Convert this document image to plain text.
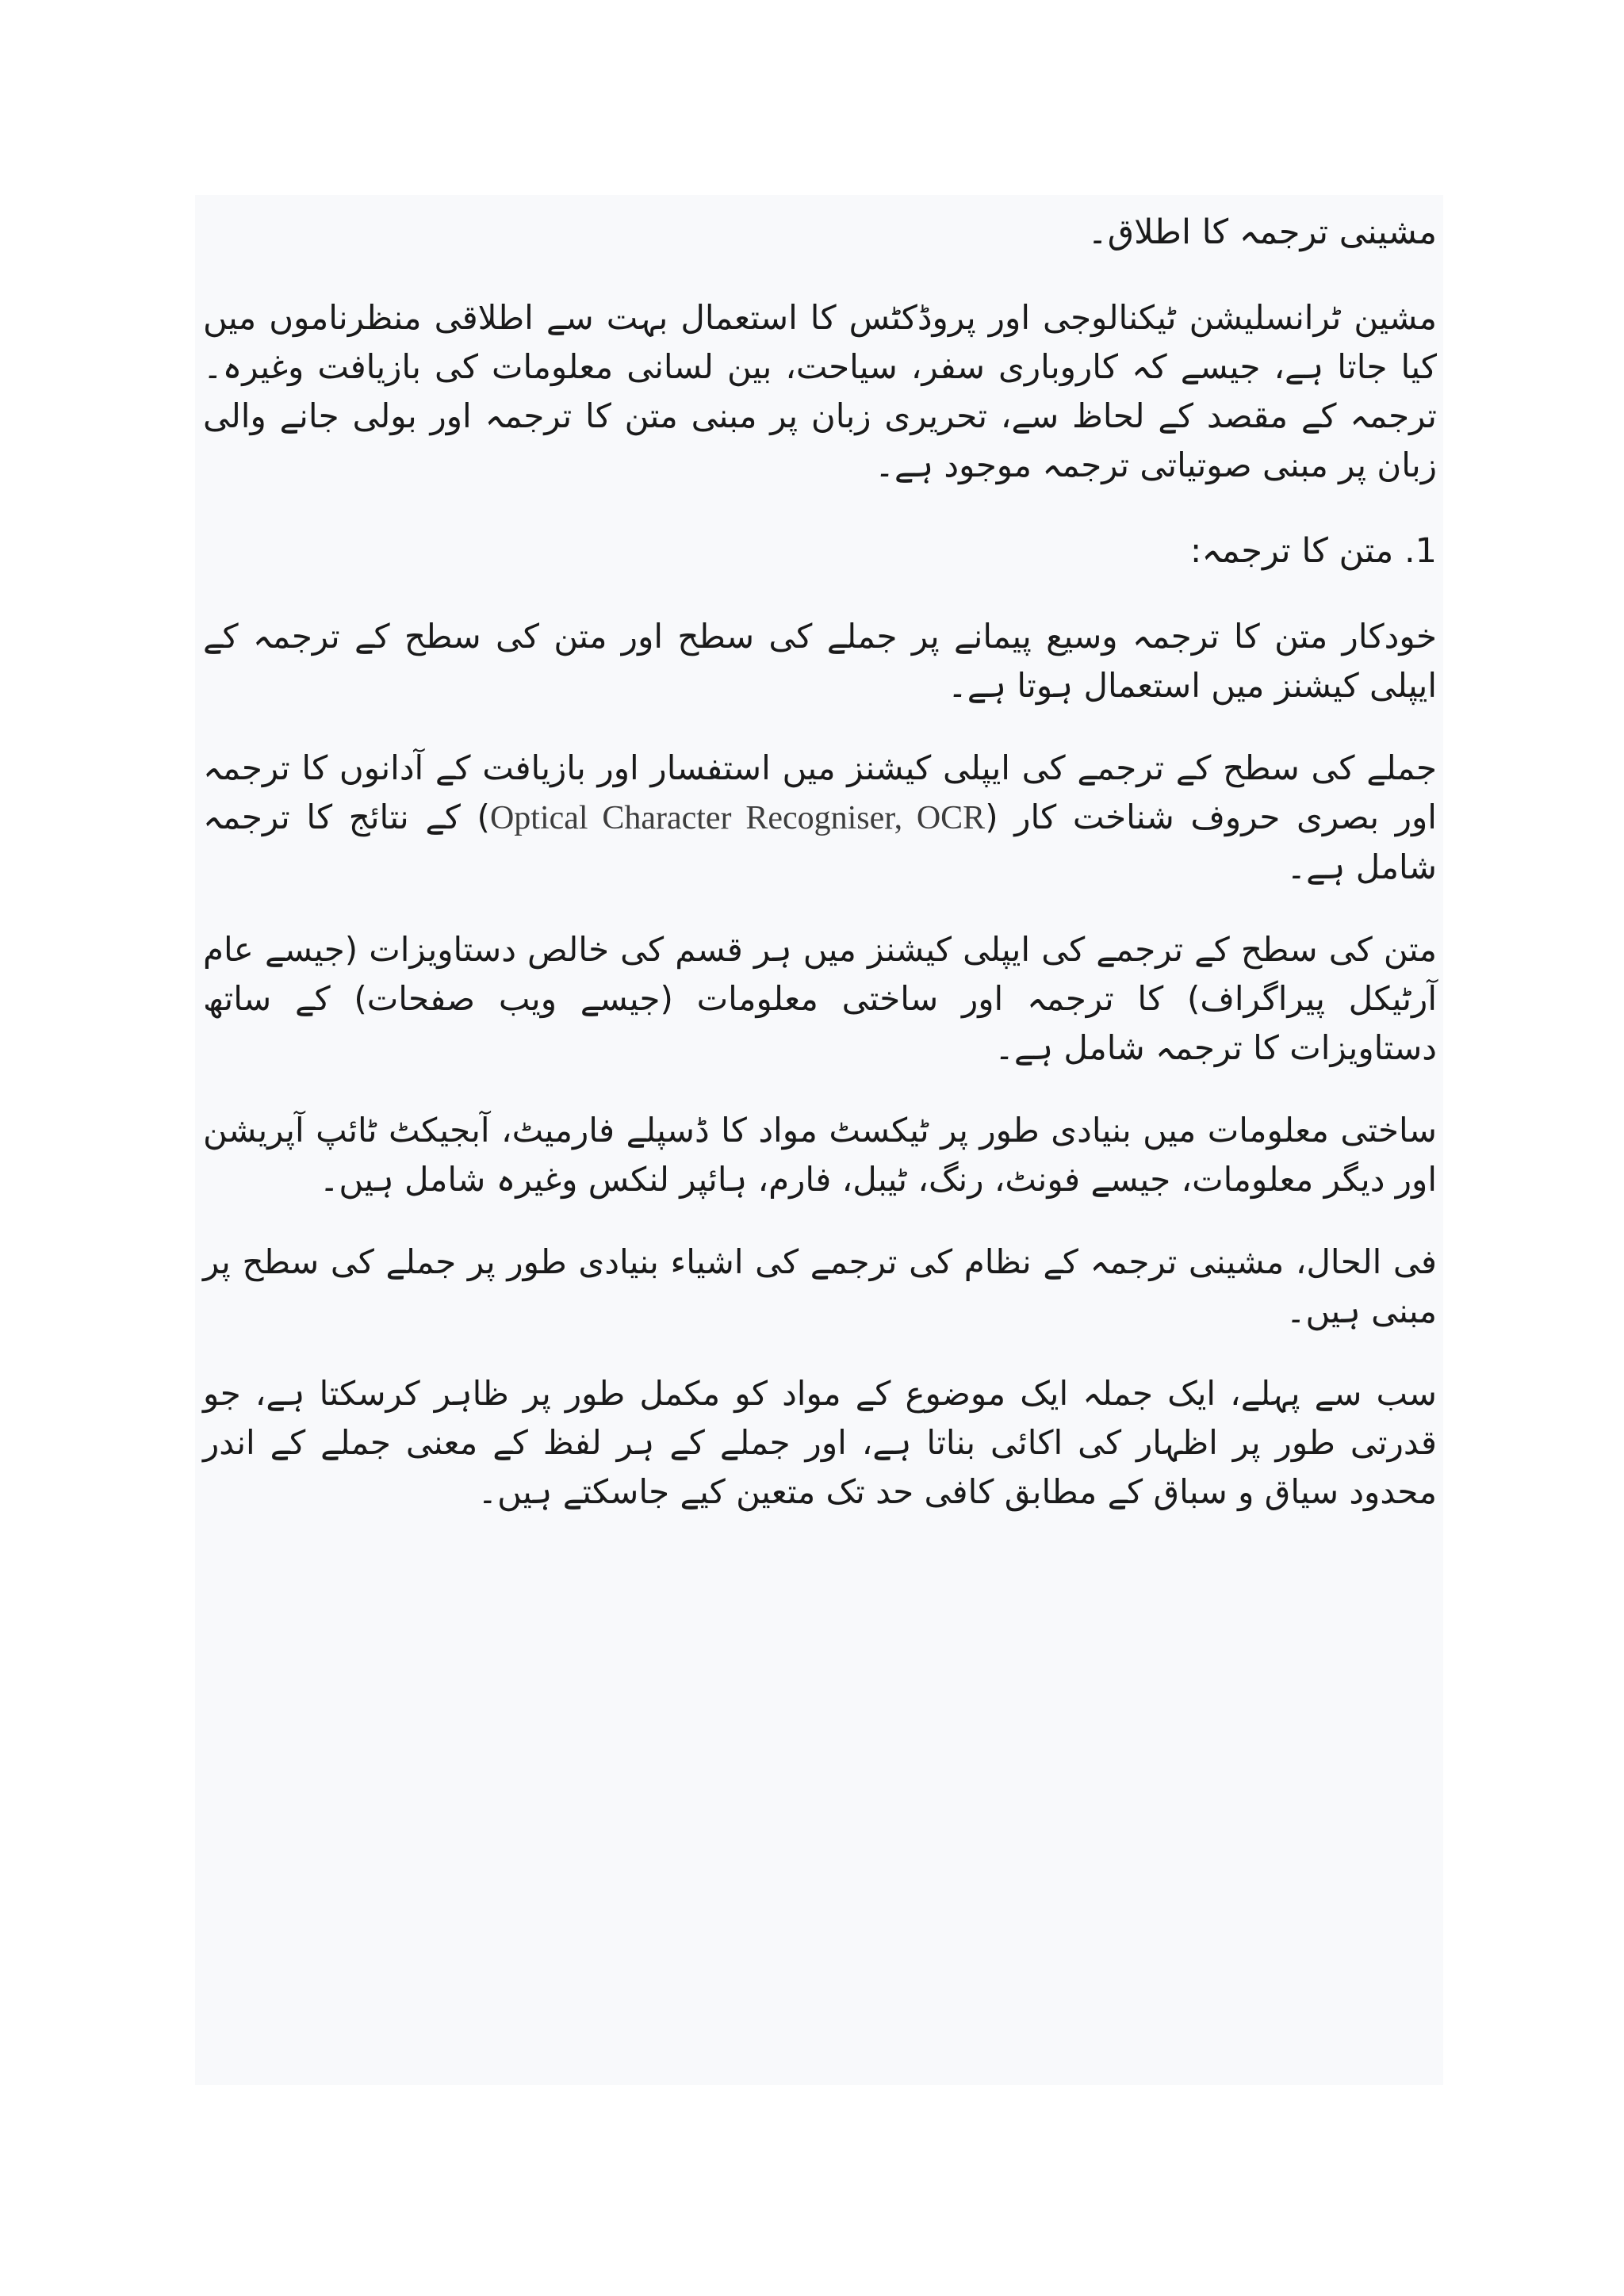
مشینی ترجمہ کا اطلاق۔

مشین ٹرانسلیشن ٹیکنالوجی اور پروڈکٹس کا استعمال بہت سے اطلاقی منظرناموں میں کیا جاتا ہے، جیسے کہ کاروباری سفر، سیاحت، بین لسانی معلومات کی بازیافت وغیرہ۔ترجمہ کے مقصد کے لحاظ سے، تحریری زبان پر مبنی متن کا ترجمہ اور بولی جانے والی زبان پر مبنی صوتیاتی ترجمہ موجود ہے۔

1. متن کا ترجمہ:

خودکار متن کا ترجمہ وسیع پیمانے پر جملے کی سطح اور متن کی سطح کے ترجمہ کے ایپلی کیشنز میں استعمال ہوتا ہے۔

جملے کی سطح کے ترجمے کی ایپلی کیشنز میں استفسار اور بازیافت کے آدانوں کا ترجمہ اور بصری حروف شناخت کار (Optical Character Recogniser, OCR) کے نتائج کا ترجمہ شامل ہے۔

متن کی سطح کے ترجمے کی ایپلی کیشنز میں ہر قسم کی خالص دستاویزات (جیسے عام آرٹیکل پیراگراف) کا ترجمہ اور ساختی معلومات (جیسے ویب صفحات) کے ساتھ دستاویزات کا ترجمہ شامل ہے۔

ساختی معلومات میں بنیادی طور پر ٹیکسٹ مواد کا ڈسپلے فارمیٹ، آبجیکٹ ٹائپ آپریشن اور دیگر معلومات، جیسے فونٹ، رنگ، ٹیبل، فارم، ہائپر لنکس وغیرہ شامل ہیں۔

فی الحال، مشینی ترجمہ کے نظام کی ترجمے کی اشیاء بنیادی طور پر جملے کی سطح پر مبنی ہیں۔

سب سے پہلے، ایک جملہ ایک موضوع کے مواد کو مکمل طور پر ظاہر کرسکتا ہے، جو قدرتی طور پر اظہار کی اکائی بناتا ہے، اور جملے کے ہر لفظ کے معنی جملے کے اندر محدود سیاق و سباق کے مطابق کافی حد تک متعین کیے جاسکتے ہیں۔
